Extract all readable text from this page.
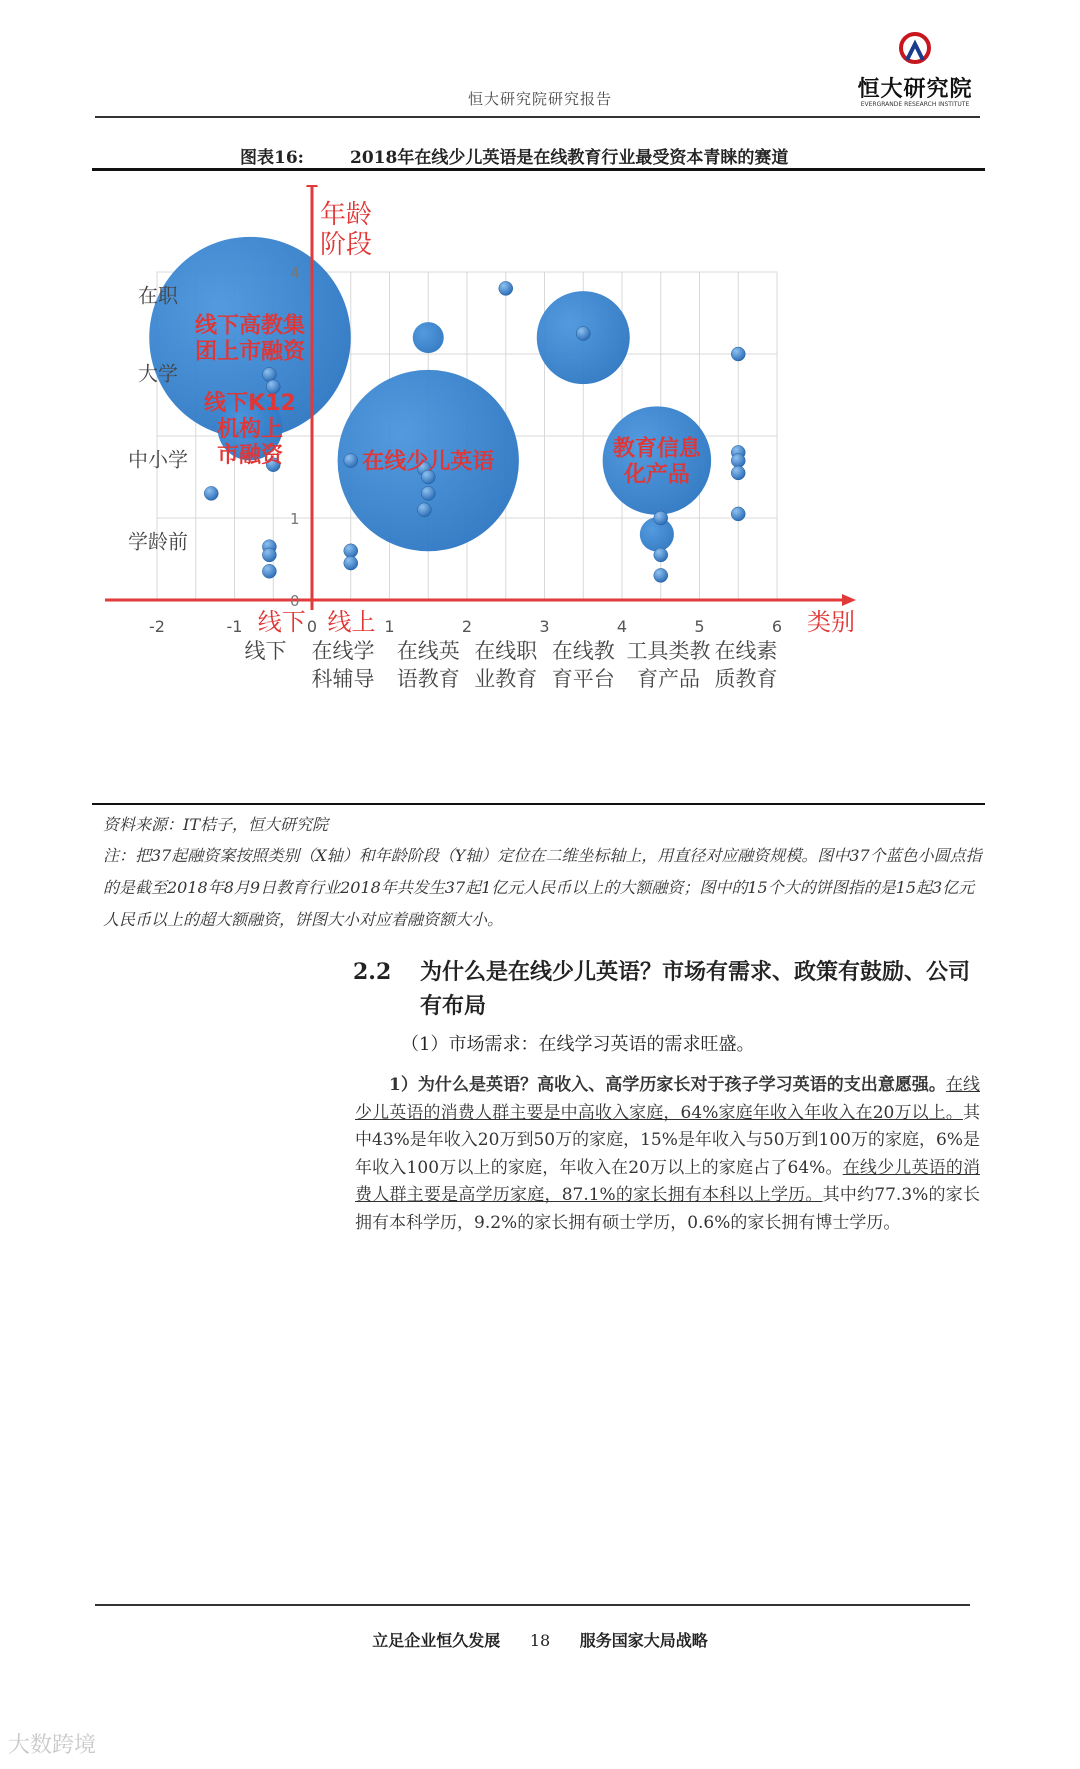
恒大研究院研究报告	恒大研究院
EVERGRANDE RESEARCH INSTITUTE
图表16:	2018年在线少儿英语是在线教育行业最受资本青睐的赛道
线下高教集
团上市融资
线下K12
机构上
市融资	在线少儿英语
教育信息
化产品
年龄
阶段
类别
线下 线上
-2	-1	0	1	2	3	4	5	6
0
1
4
在职
大学
中小学
学龄前
线下 在线学
科辅导
在线英
语教育
在线职
业教育
在线教
育平台
工具类教
育产品
在线素
质教育
资料来源：IT桔子，恒大研究院
注：把37起融资案按照类别（X轴）和年龄阶段（Y轴）定位在二维坐标轴上，用直径对应融资规模。图中37个蓝色小圆点指的是截至2018年8月9日教育行业2018年共发生37起1亿元人民币以上的大额融资；图中的15个大的饼图指的是15起3亿元人民币以上的超大额融资，饼图大小对应着融资额大小。
2.2 为什么是在线少儿英语？市场有需求、政策有鼓励、公司有布局
（1）市场需求：在线学习英语的需求旺盛。
1）为什么是英语？高收入、高学历家长对于孩子学习英语的支出意愿强。在线少儿英语的消费人群主要是中高收入家庭，64%家庭年收入年收入在20万以上。其中43%是年收入20万到50万的家庭，15%是年收入与50万到100万的家庭，6%是年收入100万以上的家庭，年收入在20万以上的家庭占了64%。在线少儿英语的消费人群主要是高学历家庭，87.1%的家长拥有本科以上学历。其中约77.3%的家长拥有本科学历，9.2%的家长拥有硕士学历，0.6%的家长拥有博士学历。
立足企业恒久发展 18 服务国家大局战略
大数跨境
